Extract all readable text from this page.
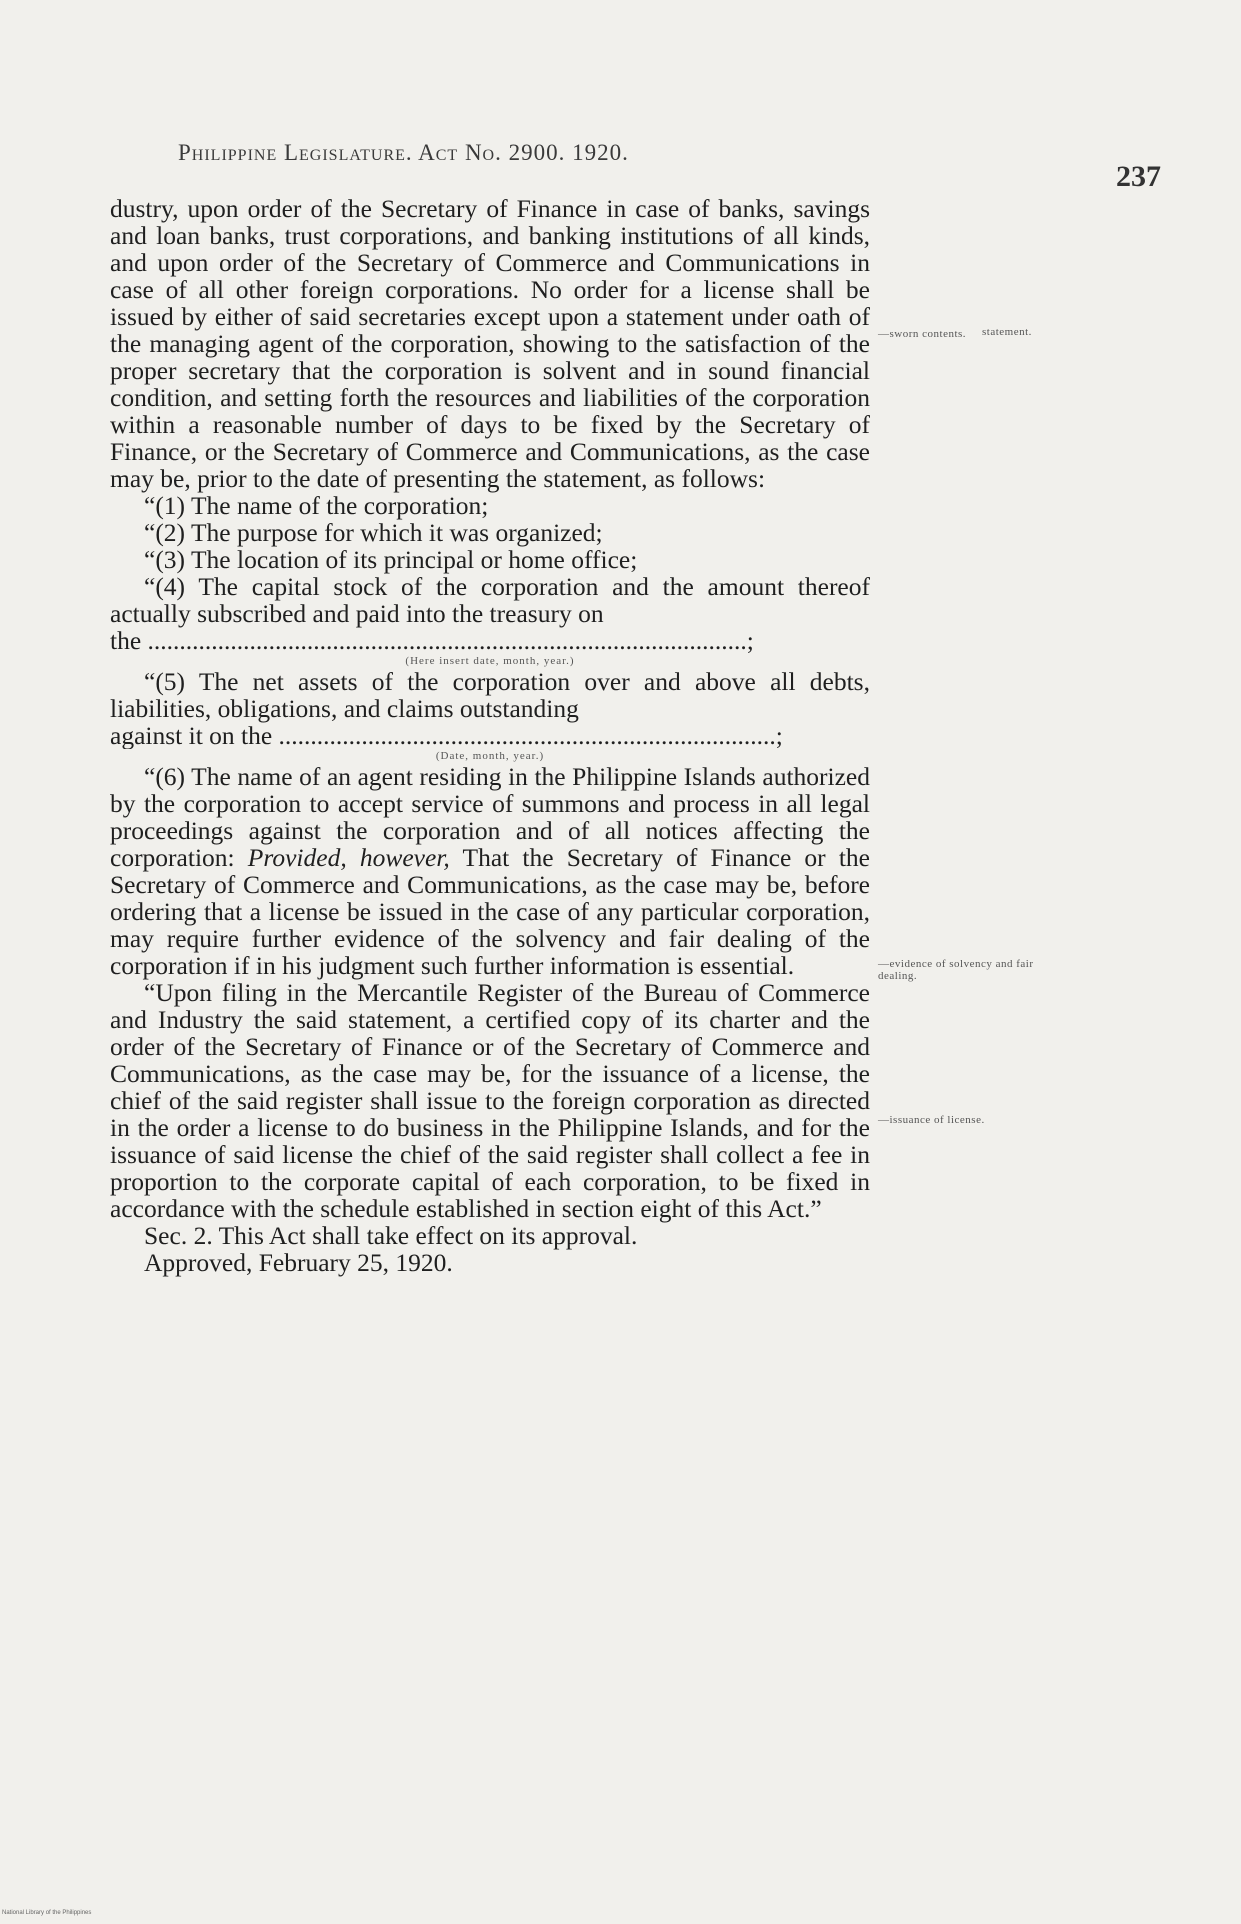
Philippine Legislature. Act No. 2900. 1920.
237

dustry, upon order of the Secretary of Finance in case of banks, savings and loan banks, trust corporations, and banking institutions of all kinds, and upon order of the Secretary of Commerce and Communications in case of all other foreign corporations. No order for a license shall be issued by either of said secretaries except upon a statement under oath of the managing agent of the corporation, showing to the satisfaction of the proper secretary that the corporation is solvent and in sound financial condition, and setting forth the resources and liabilities of the corporation within a reasonable number of days to be fixed by the Secretary of Finance, or the Secretary of Commerce and Communications, as the case may be, prior to the date of presenting the statement, as follows:

“(1) The name of the corporation;

“(2) The purpose for which it was organized;

“(3) The location of its principal or home office;

“(4) The capital stock of the corporation and the amount thereof actually subscribed and paid into the treasury on

the ..............................................................................................;

(Here insert date, month, year.)

“(5) The net assets of the corporation over and above all debts, liabilities, obligations, and claims outstanding

against it on the ..............................................................................;

(Date, month, year.)

“(6) The name of an agent residing in the Philippine Islands authorized by the corporation to accept service of summons and process in all legal proceedings against the corporation and of all notices affecting the corporation: Provided, however, That the Secretary of Finance or the Secretary of Commerce and Communications, as the case may be, before ordering that a license be issued in the case of any particular corporation, may require further evidence of the solvency and fair dealing of the corporation if in his judgment such further information is essential.

“Upon filing in the Mercantile Register of the Bureau of Commerce and Industry the said statement, a certified copy of its charter and the order of the Secretary of Finance or of the Secretary of Commerce and Communications, as the case may be, for the issuance of a license, the chief of the said register shall issue to the foreign corporation as directed in the order a license to do business in the Philippine Islands, and for the issuance of said license the chief of the said register shall collect a fee in proportion to the corporate capital of each corporation, to be fixed in accordance with the schedule established in section eight of this Act.”

Sec. 2. This Act shall take effect on its approval.

Approved, February 25, 1920.

—sworn contents.	statement.
—evidence of solvency and fair dealing.
—issuance of license.
National Library of the Philippines
